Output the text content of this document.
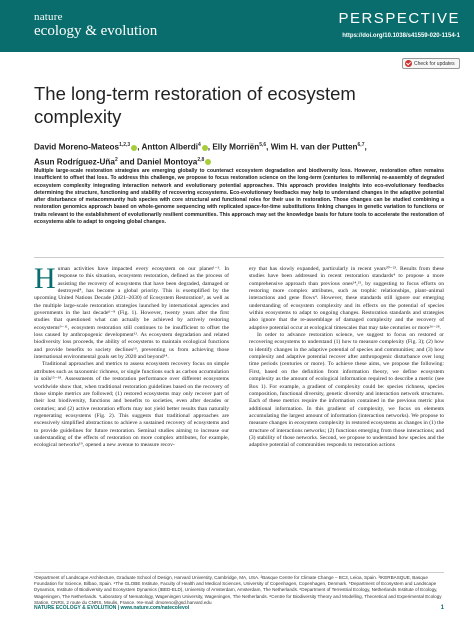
nature
ecology & evolution
PERSPECTIVE
https://doi.org/10.1038/s41559-020-1154-1
Check for updates
The long-term restoration of ecosystem complexity
David Moreno-Mateos$^{1,2,3}$ , Antton Alberdi$^4$ , Elly Morriën$^{5,6}$, Wim H. van der Putten$^{6,7}$,
Asun Rodríguez-Uña$^2$ and Daniel Montoya$^{2,8}$

Multiple large-scale restoration strategies are emerging globally to counteract ecosystem degradation and biodiversity loss. However, restoration often remains insufficient to offset that loss. To address this challenge, we propose to focus restoration science on the long-term (centuries to millennia) re-assembly of degraded ecosystem complexity integrating interaction network and evolutionary potential approaches. This approach provides insights into eco-evolutionary feedbacks determining the structure, functioning and stability of recovering ecosystems. Eco-evolutionary feedbacks may help to understand changes in the adaptive potential after disturbance of metacommunity hub species with core structural and functional roles for their use in restoration. Those changes can be studied combining a restoration genomics approach based on whole-genome sequencing with replicated space-for-time substitutions linking changes in genetic variation to functions or traits relevant to the establishment of evolutionarily resilient communities. This approach may set the knowledge basis for future tools to accelerate the restoration of ecosystems able to adapt to ongoing global changes.

Human activities have impacted every ecosystem on our planet¹⁻³. In response to this situation, ecosystem restoration, defined as the process of assisting the recovery of ecosystems that have been degraded, damaged or destroyed⁴, has become a global priority. This is exemplified by the upcoming United Nations Decade (2021–2030) of Ecosystem Restoration⁵, as well as the multiple large-scale restoration strategies launched by international agencies and governments in the last decade⁶⁻⁸ (Fig. 1). However, twenty years after the first studies that questioned what can actually be achieved by actively restoring ecosystems⁹⁻¹¹, ecosystem restoration still continues to be insufficient to offset the loss caused by anthropogenic development¹². As ecosystem degradation and related biodiversity loss proceeds, the ability of ecosystems to maintain ecological functions and provide benefits to society declines¹³, preventing us from achieving those international environmental goals set by 2020 and beyond¹⁴.

Traditional approaches and metrics to assess ecosystem recovery focus on simple attributes such as taxonomic richness, or single functions such as carbon accumulation in soils¹⁵⁻¹⁸. Assessments of the restoration performance over different ecosystems worldwide show that, when traditional restoration guidelines based on the recovery of those simple metrics are followed; (1) restored ecosystems may only recover part of their lost biodiversity, functions and benefits to societies, even after decades or centuries; and (2) active restoration efforts may not yield better results than naturally regenerating ecosystems (Fig. 2). This suggests that traditional approaches are excessively simplified abstractions to achieve a sustained recovery of ecosystems and to provide guidelines for future restoration. Seminal studies aiming to increase our understanding of the effects of restoration on more complex attributes, for example, ecological networks¹⁹, opened a new avenue to measure recov-

ery that has slowly expanded, particularly in recent years²⁰⁻²³. Results from these studies have been addressed in recent restoration standards⁴ to propose a more comprehensive approach than previous ones²⁴,²⁵, by suggesting to focus efforts on restoring more complex attributes, such as trophic relationships, plant–animal interactions and gene flows⁴. However, these standards still ignore our emerging understanding of ecosystem complexity and its effects on the potential of species within ecosystems to adapt to ongoing changes. Restoration standards and strategies also ignore that the re-assemblage of damaged complexity and the recovery of adaptive potential occur at ecological timescales that may take centuries or more²⁶⁻²⁸.

In order to advance restoration science, we suggest to focus on restored or recovering ecosystems to understand (1) how to measure complexity (Fig. 3); (2) how to identify changes in the adaptive potential of species and communities; and (3) how complexity and adaptive potential recover after anthropogenic disturbance over long time periods (centuries or more). To achieve these aims, we propose the following: First, based on the definition from information theory, we define ecosystem complexity as the amount of ecological information required to describe a metric (see Box 1). For example, a gradient of complexity could be: species richness, species composition, functional diversity, genetic diversity and interaction network structures. Each of these metrics require the information contained in the previous metric plus additional information. In this gradient of complexity, we focus on elements accumulating the largest amount of information (interaction networks). We propose to measure changes in ecosystem complexity in restored ecosystems as changes in (1) the structure of interactions networks; (2) functions emerging from those interactions; and (3) stability of those networks. Second, we propose to understand how species and the adaptive potential of communities responds to restoration actions

¹Department of Landscape Architecture, Graduate School of Design, Harvard University, Cambridge, MA, USA. ²Basque Centre for Climate Change – BC3, Leioa, Spain. ³IKERBASQUE, Basque Foundation for Science, Bilbao, Spain. ⁴The GLOBE Institute, Faculty of Health and Medical Sciences, University of Copenhagen, Copenhagen, Denmark. ⁵Department of Ecosystem and Landscape Dynamics, Institute of Biodiversity and Ecosystem Dynamics (IBED-ELD), University of Amsterdam, Amsterdam, The Netherlands. ⁶Department of Terrestrial Ecology, Netherlands Institute of Ecology, Wageningen, The Netherlands. ⁷Laboratory of Nematology, Wageningen University, Wageningen, The Netherlands. ⁸Centre for Biodiversity Theory and Modelling, Theoretical and Experimental Ecology Station, CNRS, 2 route du CNRS, Moulis, France. ✉e-mail: dmoreno@gsd.harvard.edu

NATURE ECOLOGY & EVOLUTION | www.nature.com/natecolevol	1
